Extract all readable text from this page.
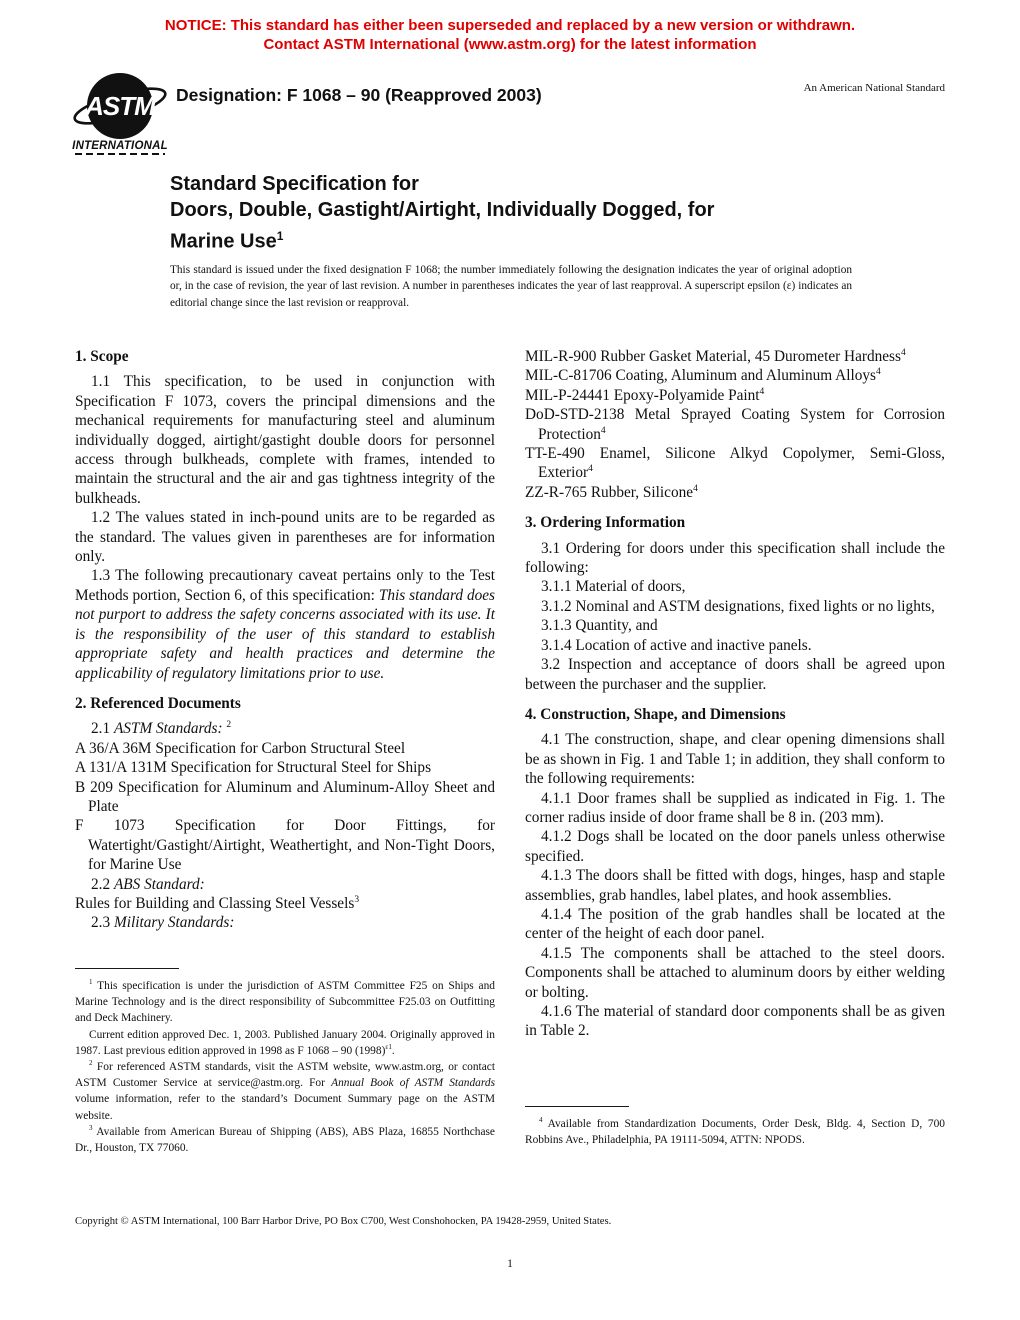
NOTICE: This standard has either been superseded and replaced by a new version or withdrawn.
Contact ASTM International (www.astm.org) for the latest information
ASTM
INTERNATIONAL
Designation: F 1068 – 90 (Reapproved 2003)	An American National Standard
Standard Specification for
Doors, Double, Gastight/Airtight, Individually Dogged, for
Marine Use$^1$
This standard is issued under the fixed designation F 1068; the number immediately following the designation indicates the year of original adoption or, in the case of revision, the year of last revision. A number in parentheses indicates the year of last reapproval. A superscript epsilon (ε) indicates an editorial change since the last revision or reapproval.
1. Scope
1.1 This specification, to be used in conjunction with Specification F 1073, covers the principal dimensions and the mechanical requirements for manufacturing steel and aluminum individually dogged, airtight/gastight double doors for personnel access through bulkheads, complete with frames, intended to maintain the structural and the air and gas tightness integrity of the bulkheads.
1.2 The values stated in inch-pound units are to be regarded as the standard. The values given in parentheses are for information only.
1.3 The following precautionary caveat pertains only to the Test Methods portion, Section 6, of this specification: This standard does not purport to address the safety concerns associated with its use. It is the responsibility of the user of this standard to establish appropriate safety and health practices and determine the applicability of regulatory limitations prior to use.
2. Referenced Documents
2.1 ASTM Standards: $^2$
A 36/A 36M Specification for Carbon Structural Steel
A 131/A 131M Specification for Structural Steel for Ships
B 209 Specification for Aluminum and Aluminum-Alloy Sheet and Plate
F 1073 Specification for Door Fittings, for Watertight/Gastight/Airtight, Weathertight, and Non-Tight Doors, for Marine Use
2.2 ABS Standard:
Rules for Building and Classing Steel Vessels$^3$
2.3 Military Standards:
MIL-R-900 Rubber Gasket Material, 45 Durometer Hardness$^4$
MIL-C-81706 Coating, Aluminum and Aluminum Alloys$^4$
MIL-P-24441 Epoxy-Polyamide Paint$^4$
DoD-STD-2138 Metal Sprayed Coating System for Corrosion Protection$^4$
TT-E-490 Enamel, Silicone Alkyd Copolymer, Semi-Gloss, Exterior$^4$
ZZ-R-765 Rubber, Silicone$^4$
3. Ordering Information
3.1 Ordering for doors under this specification shall include the following:
3.1.1 Material of doors,
3.1.2 Nominal and ASTM designations, fixed lights or no lights,
3.1.3 Quantity, and
3.1.4 Location of active and inactive panels.
3.2 Inspection and acceptance of doors shall be agreed upon between the purchaser and the supplier.
4. Construction, Shape, and Dimensions
4.1 The construction, shape, and clear opening dimensions shall be as shown in Fig. 1 and Table 1; in addition, they shall conform to the following requirements:
4.1.1 Door frames shall be supplied as indicated in Fig. 1. The corner radius inside of door frame shall be 8 in. (203 mm).
4.1.2 Dogs shall be located on the door panels unless otherwise specified.
4.1.3 The doors shall be fitted with dogs, hinges, hasp and staple assemblies, grab handles, label plates, and hook assemblies.
4.1.4 The position of the grab handles shall be located at the center of the height of each door panel.
4.1.5 The components shall be attached to the steel doors. Components shall be attached to aluminum doors by either welding or bolting.
4.1.6 The material of standard door components shall be as given in Table 2.
$^1$ This specification is under the jurisdiction of ASTM Committee F25 on Ships and Marine Technology and is the direct responsibility of Subcommittee F25.03 on Outfitting and Deck Machinery.
Current edition approved Dec. 1, 2003. Published January 2004. Originally approved in 1987. Last previous edition approved in 1998 as F 1068 – 90 $(1998)^{\varepsilon 1}$.
$^2$ For referenced ASTM standards, visit the ASTM website, www.astm.org, or contact ASTM Customer Service at service@astm.org. For Annual Book of ASTM Standards volume information, refer to the standard’s Document Summary page on the ASTM website.
$^3$ Available from American Bureau of Shipping (ABS), ABS Plaza, 16855 Northchase Dr., Houston, TX 77060.
$^4$ Available from Standardization Documents, Order Desk, Bldg. 4, Section D, 700 Robbins Ave., Philadelphia, PA 19111-5094, ATTN: NPODS.
Copyright © ASTM International, 100 Barr Harbor Drive, PO Box C700, West Conshohocken, PA 19428-2959, United States.
1
